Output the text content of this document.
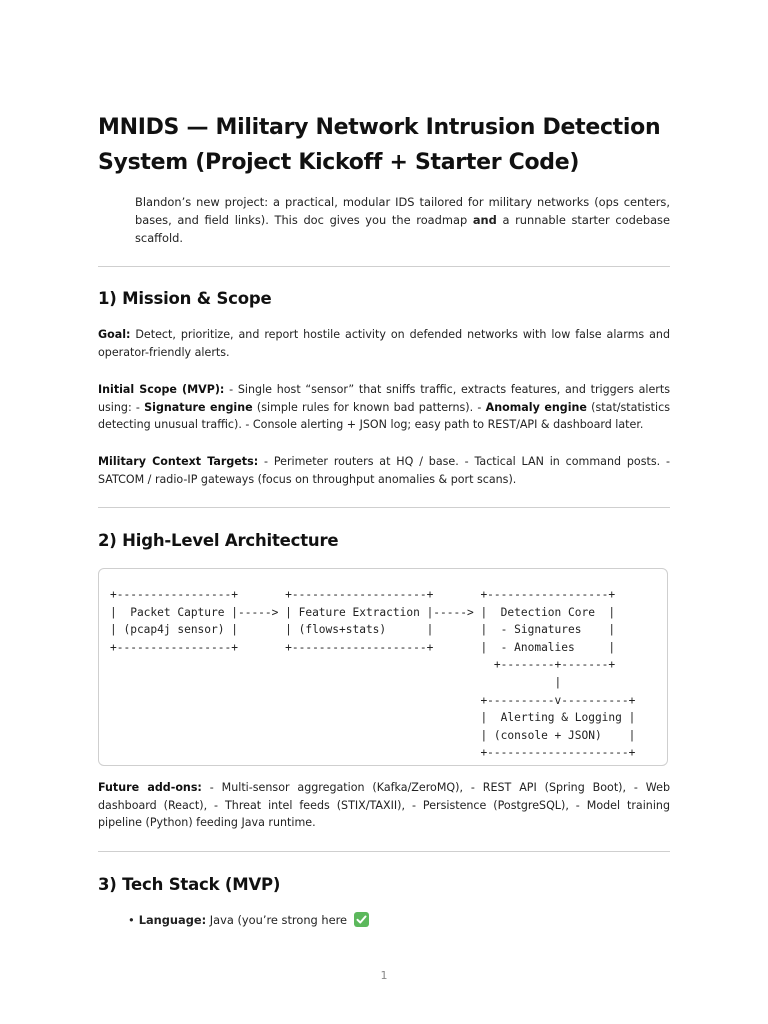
MNIDS — Military Network Intrusion Detection System (Project Kickoff + Starter Code)

Blandon’s new project: a practical, modular IDS tailored for military networks (ops centers, bases, and field links). This doc gives you the roadmap and a runnable starter codebase scaffold.

1) Mission & Scope

Goal: Detect, prioritize, and report hostile activity on defended networks with low false alarms and operator-friendly alerts.

Initial Scope (MVP): - Single host “sensor” that sniffs traffic, extracts features, and triggers alerts using: - Signature engine (simple rules for known bad patterns). - Anomaly engine (stat/statistics detecting unusual traffic). - Console alerting + JSON log; easy path to REST/API & dashboard later.

Military Context Targets: - Perimeter routers at HQ / base. - Tactical LAN in command posts. - SATCOM / radio-IP gateways (focus on throughput anomalies & port scans).

2) High-Level Architecture
+-----------------+       +--------------------+       +------------------+
|  Packet Capture |-----> | Feature Extraction |-----> |  Detection Core  |
| (pcap4j sensor) |       | (flows+stats)      |       |  - Signatures    |
+-----------------+       +--------------------+       |  - Anomalies     |
+--------+-------+
|
+----------v----------+
|  Alerting & Logging |
| (console + JSON)    |
+---------------------+

Future add-ons: - Multi-sensor aggregation (Kafka/ZeroMQ), - REST API (Spring Boot), - Web dashboard (React), - Threat intel feeds (STIX/TAXII), - Persistence (PostgreSQL), - Model training pipeline (Python) feeding Java runtime.

3) Tech Stack (MVP)
• Language: Java (you’re strong here
1
